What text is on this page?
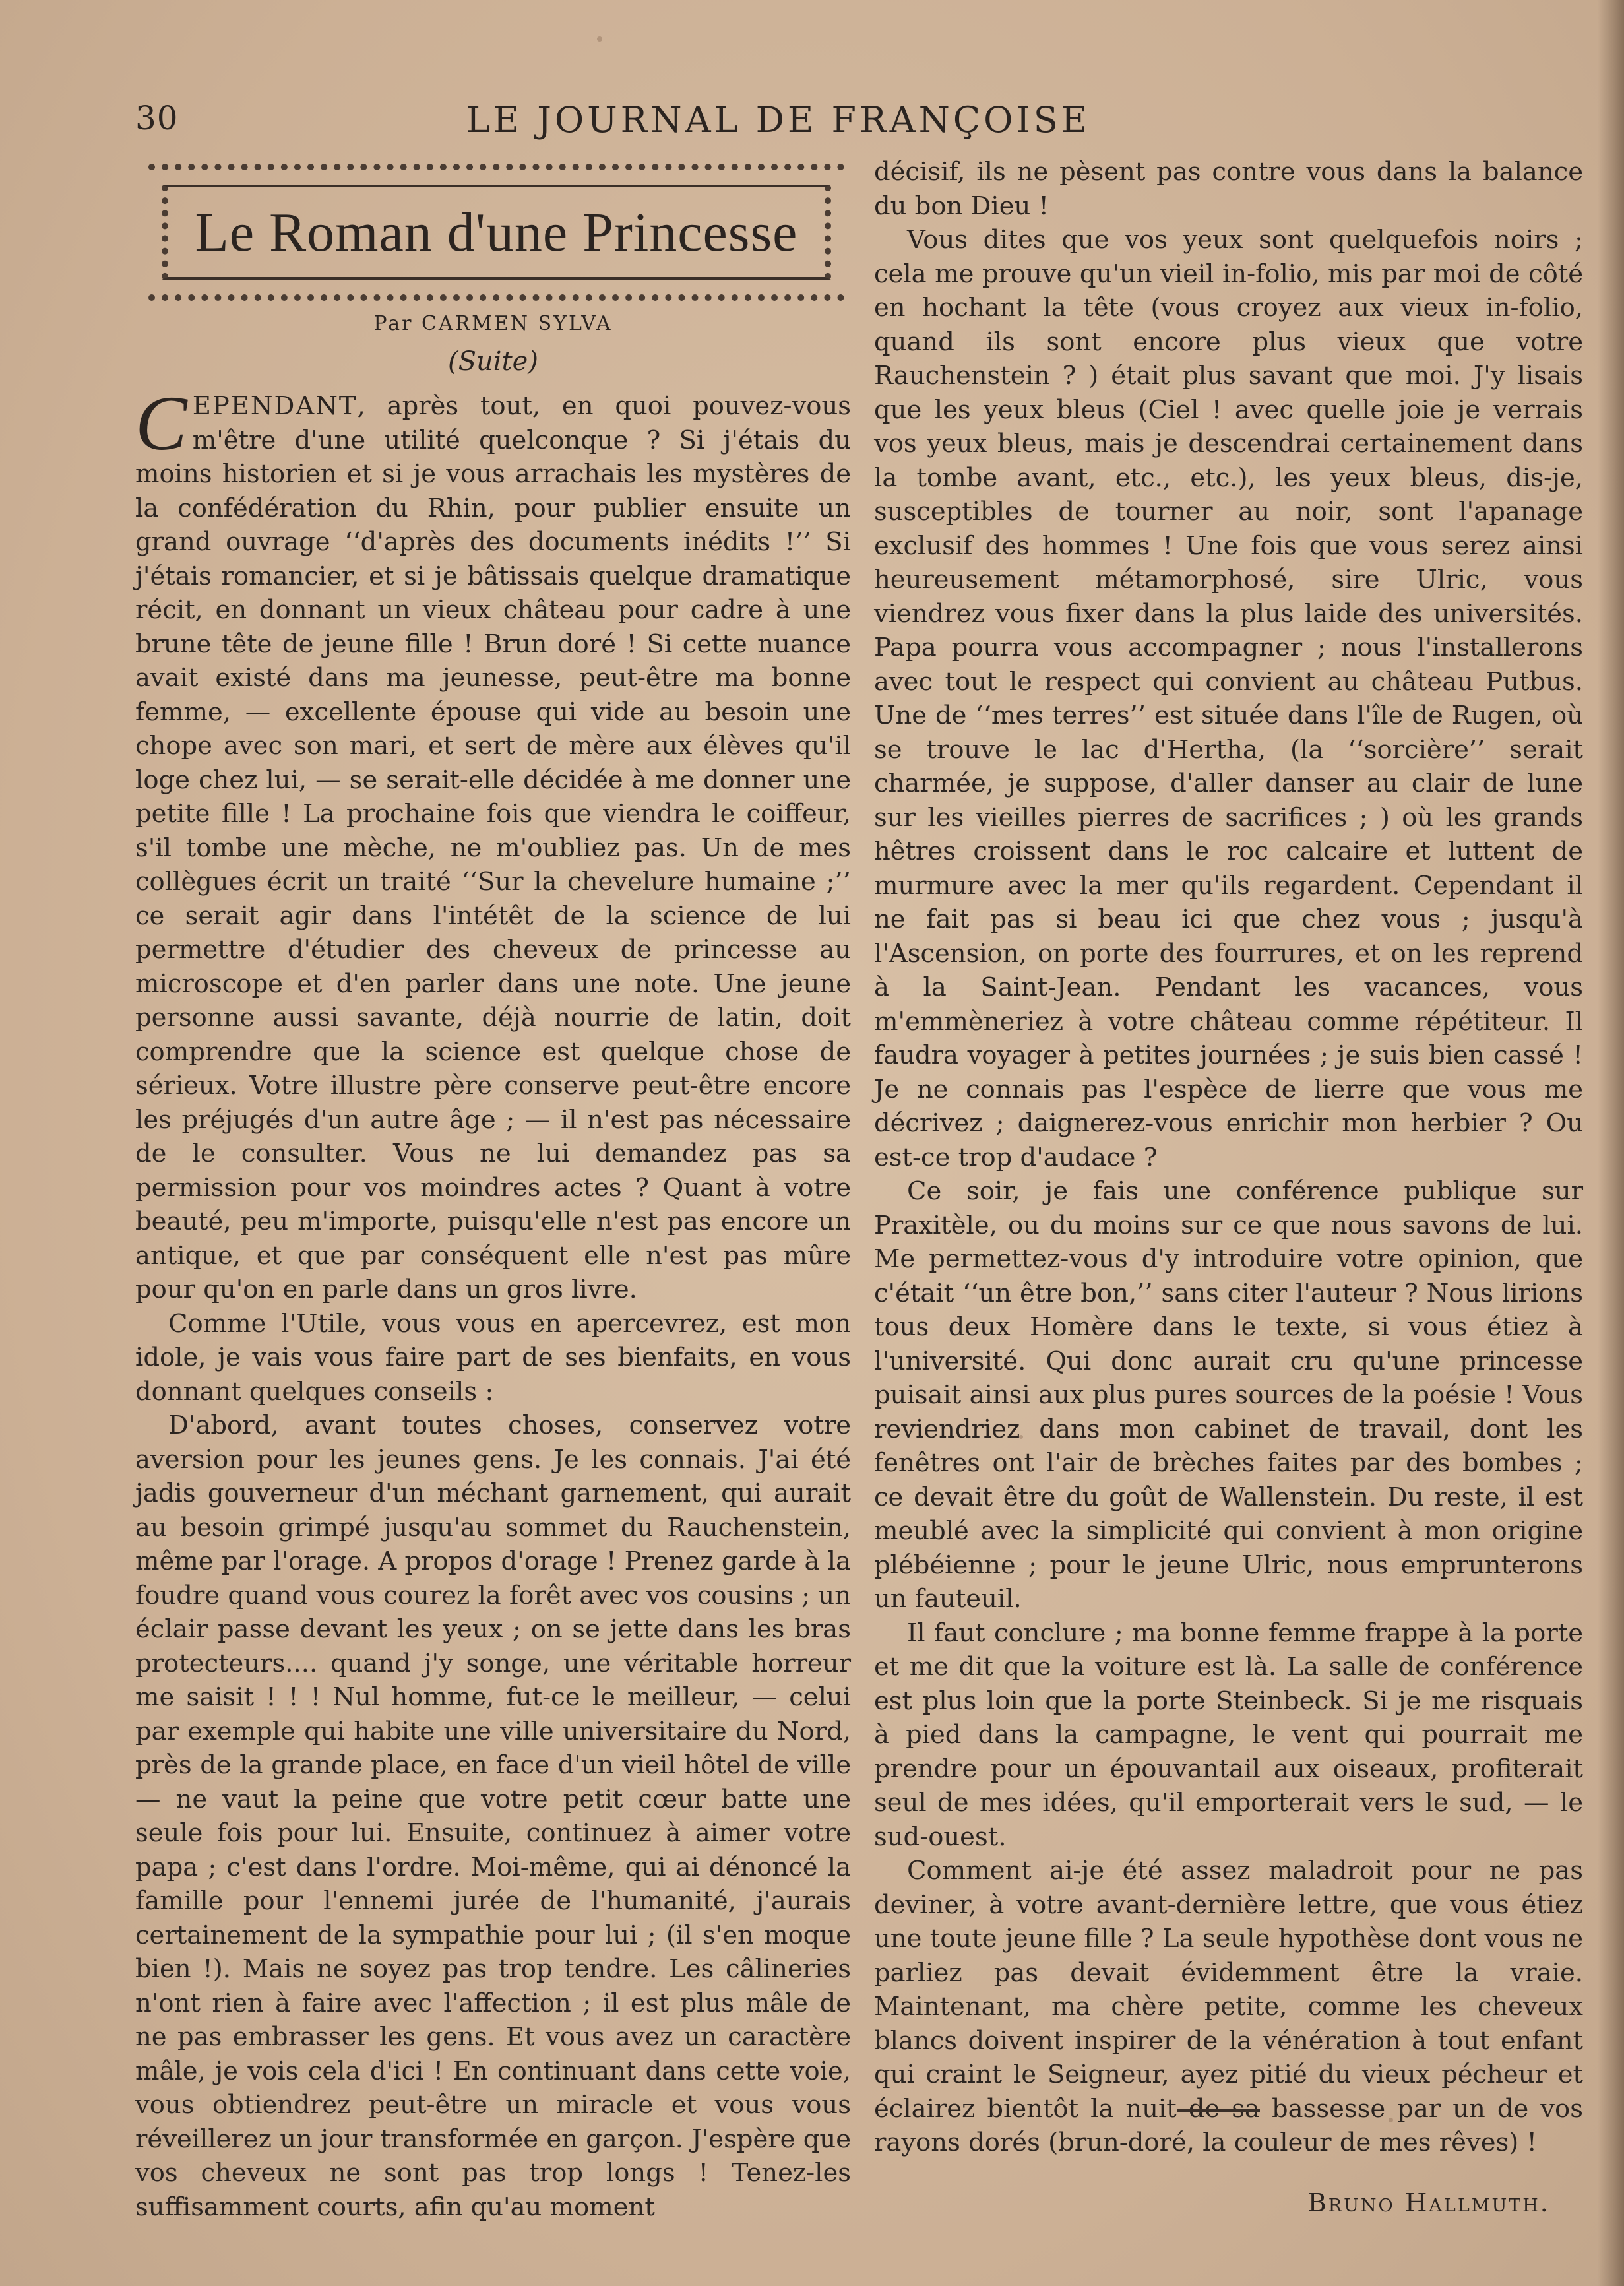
30	LE JOURNAL DE FRANÇOISE
Le Roman d'une Princesse
Par CARMEN SYLVA
(Suite)

CEPENDANT, après tout, en quoi pouvez-vous m'être d'une utilité quelconque ? Si j'étais du moins historien et si je vous arrachais les mystères de la confédération du Rhin, pour publier ensuite un grand ouvrage ‘‘d'après des documents inédits !’’ Si j'étais romancier, et si je bâtissais quelque dramatique récit, en donnant un vieux château pour cadre à une brune tête de jeune fille ! Brun doré ! Si cette nuance avait existé dans ma jeunesse, peut-être ma bonne femme, — excellente épouse qui vide au besoin une chope avec son mari, et sert de mère aux élèves qu'il loge chez lui, — se serait-elle décidée à me donner une petite fille ! La prochaine fois que viendra le coiffeur, s'il tombe une mèche, ne m'oubliez pas. Un de mes collègues écrit un traité ‘‘Sur la chevelure humaine ;’’ ce serait agir dans l'intétêt de la science de lui permettre d'étudier des cheveux de princesse au microscope et d'en parler dans une note. Une jeune personne aussi savante, déjà nourrie de latin, doit comprendre que la science est quelque chose de sérieux. Votre illustre père conserve peut-être encore les préjugés d'un autre âge ; — il n'est pas nécessaire de le consulter. Vous ne lui demandez pas sa permission pour vos moindres actes ? Quant à votre beauté, peu m'importe, puisqu'elle n'est pas encore un antique, et que par conséquent elle n'est pas mûre pour qu'on en parle dans un gros livre.

Comme l'Utile, vous vous en apercevrez, est mon idole, je vais vous faire part de ses bienfaits, en vous donnant quelques conseils :

D'abord, avant toutes choses, conservez votre aversion pour les jeunes gens. Je les connais. J'ai été jadis gouverneur d'un méchant garnement, qui aurait au besoin grimpé jusqu'au sommet du Rauchenstein, même par l'orage. A propos d'orage ! Prenez garde à la foudre quand vous courez la forêt avec vos cousins ; un éclair passe devant les yeux ; on se jette dans les bras protecteurs.... quand j'y songe, une véritable horreur me saisit ! ! ! Nul homme, fut-ce le meilleur, — celui par exemple qui habite une ville universitaire du Nord, près de la grande place, en face d'un vieil hôtel de ville — ne vaut la peine que votre petit cœur batte une seule fois pour lui. Ensuite, continuez à aimer votre papa ; c'est dans l'ordre. Moi-même, qui ai dénoncé la famille pour l'ennemi jurée de l'humanité, j'aurais certainement de la sympathie pour lui ; (il s'en moque bien !). Mais ne soyez pas trop tendre. Les câlineries n'ont rien à faire avec l'affection ; il est plus mâle de ne pas embrasser les gens. Et vous avez un caractère mâle, je vois cela d'ici ! En continuant dans cette voie, vous obtiendrez peut-être un miracle et vous vous réveillerez un jour transformée en garçon. J'espère que vos cheveux ne sont pas trop longs ! Tenez-les suffisamment courts, afin qu'au moment

décisif, ils ne pèsent pas contre vous dans la balance du bon Dieu !

Vous dites que vos yeux sont quelquefois noirs ; cela me prouve qu'un vieil in-folio, mis par moi de côté en hochant la tête (vous croyez aux vieux in-folio, quand ils sont encore plus vieux que votre Rauchenstein ? ) était plus savant que moi. J'y lisais que les yeux bleus (Ciel ! avec quelle joie je verrais vos yeux bleus, mais je descendrai certainement dans la tombe avant, etc., etc.), les yeux bleus, dis-je, susceptibles de tourner au noir, sont l'apanage exclusif des hommes ! Une fois que vous serez ainsi heureusement métamorphosé, sire Ulric, vous viendrez vous fixer dans la plus laide des universités. Papa pourra vous accompagner ; nous l'installerons avec tout le respect qui convient au château Putbus. Une de ‘‘mes terres’’ est située dans l'île de Rugen, où se trouve le lac d'Hertha, (la ‘‘sorcière’’ serait charmée, je suppose, d'aller danser au clair de lune sur les vieilles pierres de sacrifices ; ) où les grands hêtres croissent dans le roc calcaire et luttent de murmure avec la mer qu'ils regardent. Cependant il ne fait pas si beau ici que chez vous ; jusqu'à l'Ascension, on porte des fourrures, et on les reprend à la Saint-Jean. Pendant les vacances, vous m'emmèneriez à votre château comme répétiteur. Il faudra voyager à petites journées ; je suis bien cassé ! Je ne connais pas l'espèce de lierre que vous me décrivez ; daignerez-vous enrichir mon herbier ? Ou est-ce trop d'audace ?

Ce soir, je fais une conférence publique sur Praxitèle, ou du moins sur ce que nous savons de lui. Me permettez-vous d'y introduire votre opinion, que c'était ‘‘un être bon,’’ sans citer l'auteur ? Nous lirions tous deux Homère dans le texte, si vous étiez à l'université. Qui donc aurait cru qu'une princesse puisait ainsi aux plus pures sources de la poésie ! Vous reviendriez dans mon cabinet de travail, dont les fenêtres ont l'air de brèches faites par des bombes ; ce devait être du goût de Wallenstein. Du reste, il est meublé avec la simplicité qui convient à mon origine plébéienne ; pour le jeune Ulric, nous emprunterons un fauteuil.

Il faut conclure ; ma bonne femme frappe à la porte et me dit que la voiture est là. La salle de conférence est plus loin que la porte Steinbeck. Si je me risquais à pied dans la campagne, le vent qui pourrait me prendre pour un épouvantail aux oiseaux, profiterait seul de mes idées, qu'il emporterait vers le sud, — le sud-ouest.

Comment ai-je été assez maladroit pour ne pas deviner, à votre avant-dernière lettre, que vous étiez une toute jeune fille ? La seule hypothèse dont vous ne parliez pas devait évidemment être la vraie. Maintenant, ma chère petite, comme les cheveux blancs doivent inspirer de la vénération à tout enfant qui craint le Seigneur, ayez pitié du vieux pécheur et éclairez bientôt la nuit de sa bassesse par un de vos rayons dorés (brun-doré, la couleur de mes rêves) !

Bruno Hallmuth.
